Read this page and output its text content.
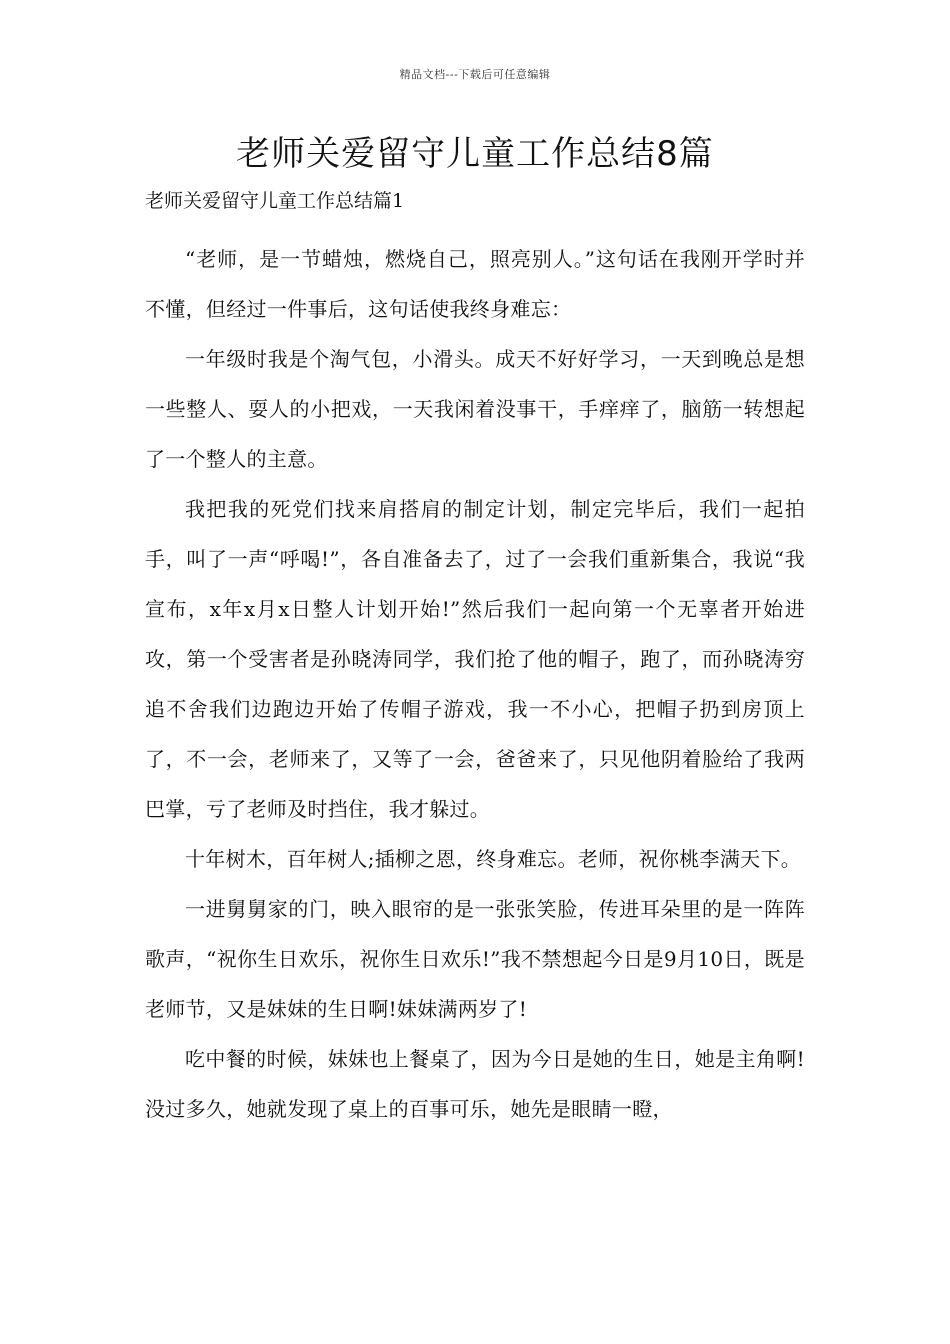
精品文档---下载后可任意编辑
老师关爱留守儿童工作总结8篇
老师关爱留守儿童工作总结篇1

“老师，是一节蜡烛，燃烧自己，照亮别人。”这句话在我刚开学时并不懂，但经过一件事后，这句话使我终身难忘：

一年级时我是个淘气包，小滑头。成天不好好学习，一天到晚总是想一些整人、耍人的小把戏，一天我闲着没事干，手痒痒了，脑筋一转想起了一个整人的主意。

我把我的死党们找来肩搭肩的制定计划，制定完毕后，我们一起拍手，叫了一声“呼喝!”，各自准备去了，过了一会我们重新集合，我说“我宣布，x年x月x日整人计划开始!”然后我们一起向第一个无辜者开始进攻，第一个受害者是孙晓涛同学，我们抢了他的帽子，跑了，而孙晓涛穷追不舍我们边跑边开始了传帽子游戏，我一不小心，把帽子扔到房顶上了，不一会，老师来了，又等了一会，爸爸来了，只见他阴着脸给了我两巴掌，亏了老师及时挡住，我才躲过。

十年树木，百年树人;插柳之恩，终身难忘。老师，祝你桃李满天下。

一进舅舅家的门，映入眼帘的是一张张笑脸，传进耳朵里的是一阵阵歌声，“祝你生日欢乐，祝你生日欢乐!”我不禁想起今日是9月10日，既是老师节，又是妹妹的生日啊!妹妹满两岁了!

吃中餐的时候，妹妹也上餐桌了，因为今日是她的生日，她是主角啊!没过多久，她就发现了桌上的百事可乐，她先是眼睛一瞪，
